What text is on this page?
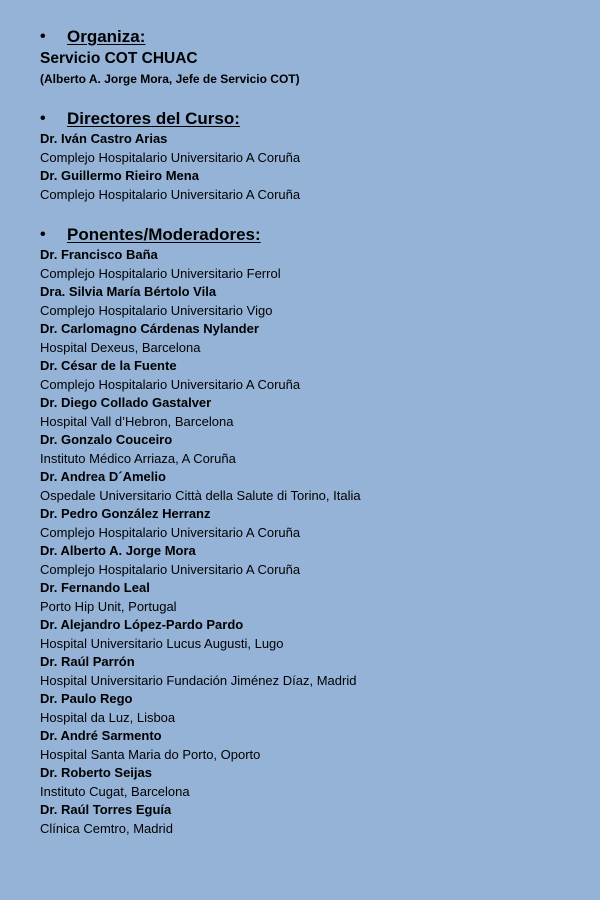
• Organiza:
Servicio COT CHUAC
(Alberto A. Jorge Mora, Jefe de Servicio COT)
• Directores del Curso:
Dr. Iván Castro Arias
Complejo Hospitalario Universitario A Coruña
Dr. Guillermo Rieiro Mena
Complejo Hospitalario Universitario A Coruña
• Ponentes/Moderadores:
Dr. Francisco Baña
Complejo Hospitalario Universitario Ferrol
Dra. Silvia María Bértolo Vila
Complejo Hospitalario Universitario Vigo
Dr. Carlomagno Cárdenas Nylander
Hospital Dexeus, Barcelona
Dr. César de la Fuente
Complejo Hospitalario Universitario A Coruña
Dr. Diego Collado Gastalver
Hospital Vall d’Hebron, Barcelona
Dr. Gonzalo Couceiro
Instituto Médico Arriaza, A Coruña
Dr. Andrea D´Amelio
Ospedale Universitario Città della Salute di Torino, Italia
Dr. Pedro González Herranz
Complejo Hospitalario Universitario A Coruña
Dr. Alberto A. Jorge Mora
Complejo Hospitalario Universitario A Coruña
Dr. Fernando Leal
Porto Hip Unit, Portugal
Dr. Alejandro López-Pardo Pardo
Hospital Universitario Lucus Augusti, Lugo
Dr. Raúl Parrón
Hospital Universitario Fundación Jiménez Díaz, Madrid
Dr. Paulo Rego
Hospital da Luz, Lisboa
Dr. André Sarmento
Hospital Santa Maria do Porto, Oporto
Dr. Roberto Seijas
Instituto Cugat, Barcelona
Dr. Raúl Torres Eguía
Clínica Cemtro, Madrid
